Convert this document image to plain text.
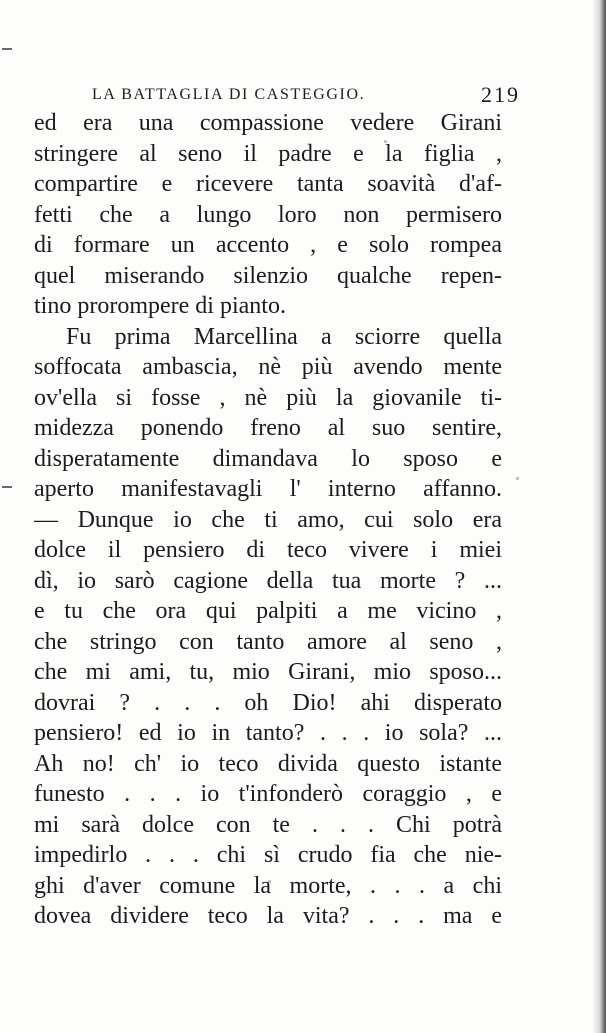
LA BATTAGLIA DI CASTEGGIO.	219
ed era una compassione vedere Girani
stringere al seno il padre e la figlia ,
compartire e ricevere tanta soavità d'af-
fetti che a lungo loro non permisero
di formare un accento , e solo rompea
quel miserando silenzio qualche repen-
tino prorompere di pianto.
Fu prima Marcellina a sciorre quella
soffocata ambascia, nè più avendo mente
ov'ella si fosse , nè più la giovanile ti-
midezza ponendo freno al suo sentire,
disperatamente dimandava lo sposo e
aperto manifestavagli l' interno affanno.
— Dunque io che ti amo, cui solo era
dolce il pensiero di teco vivere i miei
dì, io sarò cagione della tua morte ? ...
e tu che ora qui palpiti a me vicino ,
che stringo con tanto amore al seno ,
che mi ami, tu, mio Girani, mio sposo...
dovrai ? . . . oh Dio! ahi disperato
pensiero! ed io in tanto? . . . io sola? ...
Ah no! ch' io teco divida questo istante
funesto . . . io t'infonderò coraggio , e
mi sarà dolce con te . . . Chi potrà
impedirlo . . . chi sì crudo fia che nie-
ghi d'aver comune la morte, . . . a chi
dovea dividere teco la vita? . . . ma e
